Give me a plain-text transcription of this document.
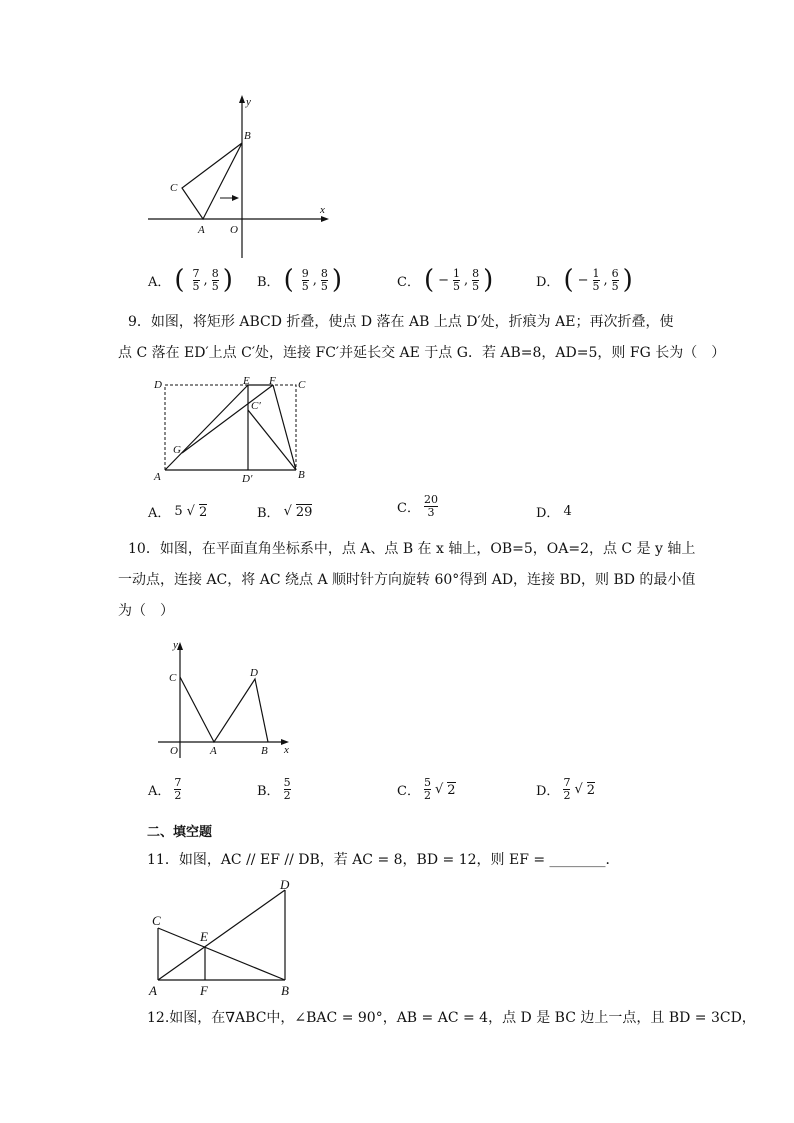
y
B
C
x
A O
A． ( $\frac{7}{5}$ , $\frac{8}{5}$ ) B． ( $\frac{9}{5}$ , $\frac{8}{5}$ )	C． ( − $\frac{1}{5}$ , $\frac{8}{5}$ )	D． ( − $\frac{1}{5}$ , $\frac{6}{5}$ )
9．如图，将矩形 ABCD 折叠，使点 D 落在 AB 上点 D′处，折痕为 AE；再次折叠，使
点 C 落在 ED′上点 C′处，连接 FC′并延长交 AE 于点 G．若 AB=8，AD=5，则 FG 长为（　）
D	E F C
C′
G
A	D′	B
A． 5 √ 2	B． √ 29	C． $\frac{20}{3}$	D． 4
10．如图，在平面直角坐标系中，点 A、点 B 在 x 轴上，OB=5，OA=2，点 C 是 y 轴上
一动点，连接 AC，将 AC 绕点 A 顺时针方向旋转 60°得到 AD，连接 BD，则 BD 的最小值
为（　）
y
C	D
O	A	B x
A． $\frac{7}{2}$	B． $\frac{5}{2}$	C． $\frac{5}{2}$ √ 2	D． $\frac{7}{2}$ √ 2
二、填空题
11．如图，AC // EF // DB，若 AC = 8，BD = 12，则 EF = ________．
D
C
E
A	F	B
12.如图，在∇ABC中，∠BAC = 90°，AB = AC = 4，点 D 是 BC 边上一点，且 BD = 3CD，
